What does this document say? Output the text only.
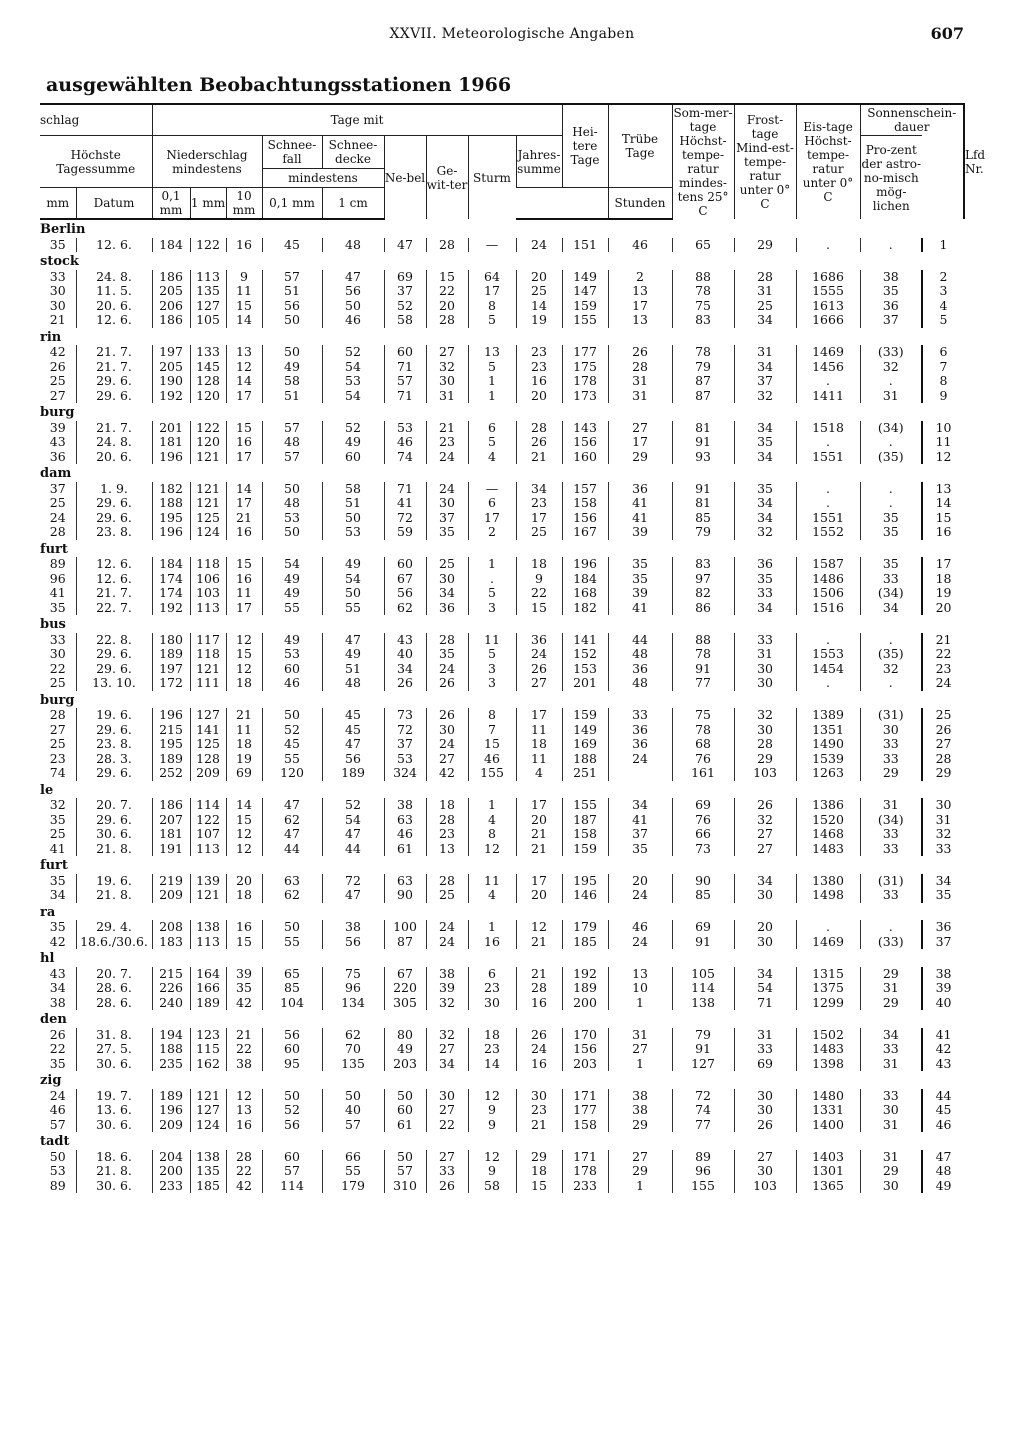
XXVII. Meteorologische Angaben	607
ausgewählten Beobachtungsstationen 1966
schlag		Tage mit									Hei-tere Tage	Trübe Tage	Som-mer-tage Höchst-tempe-ratur mindes-tens 25° C	Frost-tage Mind-est-tempe-ratur unter 0° C	Eis-tage Höchst-tempe-ratur unter 0° C	Sonnenschein-dauer		Lfd Nr.
Höchste Tagessumme		Niederschlag mindestens			Schnee-fall	Schnee-decke	Ne-bel	Ge-wit-ter	Sturm	Jahres-summe						Pro-zent der astro-no-misch mög-lichen		
					mindestens													

mm	Datum	0,1 mm	1 mm	10 mm	0,1 mm	1 cm						Stunden						
Berlin																		
35	12. 6.	184	122	16	45	48	47	28	—	24	151	46	65	29	.	.	1	
stock																		
33	24. 8.	186	113	9	57	47	69	15	64	20	149	2	88	28	1686	38	2	
30	11. 5.	205	135	11	51	56	37	22	17	25	147	13	78	31	1555	35	3	
30	20. 6.	206	127	15	56	50	52	20	8	14	159	17	75	25	1613	36	4	
21	12. 6.	186	105	14	50	46	58	28	5	19	155	13	83	34	1666	37	5	
rin																		
42	21. 7.	197	133	13	50	52	60	27	13	23	177	26	78	31	1469	(33)	6	
26	21. 7.	205	145	12	49	54	71	32	5	23	175	28	79	34	1456	32	7	
25	29. 6.	190	128	14	58	53	57	30	1	16	178	31	87	37	.	.	8	
27	29. 6.	192	120	17	51	54	71	31	1	20	173	31	87	32	1411	31	9	
burg																		
39	21. 7.	201	122	15	57	52	53	21	6	28	143	27	81	34	1518	(34)	10	
43	24. 8.	181	120	16	48	49	46	23	5	26	156	17	91	35	.	.	11	
36	20. 6.	196	121	17	57	60	74	24	4	21	160	29	93	34	1551	(35)	12	
dam																		
37	1. 9.	182	121	14	50	58	71	24	—	34	157	36	91	35	.	.	13	
25	29. 6.	188	121	17	48	51	41	30	6	23	158	41	81	34	.	.	14	
24	29. 6.	195	125	21	53	50	72	37	17	17	156	41	85	34	1551	35	15	
28	23. 8.	196	124	16	50	53	59	35	2	25	167	39	79	32	1552	35	16	
furt																		
89	12. 6.	184	118	15	54	49	60	25	1	18	196	35	83	36	1587	35	17	
96	12. 6.	174	106	16	49	54	67	30	.	9	184	35	97	35	1486	33	18	
41	21. 7.	174	103	11	49	50	56	34	5	22	168	39	82	33	1506	(34)	19	
35	22. 7.	192	113	17	55	55	62	36	3	15	182	41	86	34	1516	34	20	
bus																		
33	22. 8.	180	117	12	49	47	43	28	11	36	141	44	88	33	.	.	21	
30	29. 6.	189	118	15	53	49	40	35	5	24	152	48	78	31	1553	(35)	22	
22	29. 6.	197	121	12	60	51	34	24	3	26	153	36	91	30	1454	32	23	
25	13. 10.	172	111	18	46	48	26	26	3	27	201	48	77	30	.	.	24	
burg																		
28	19. 6.	196	127	21	50	45	73	26	8	17	159	33	75	32	1389	(31)	25	
27	29. 6.	215	141	11	52	45	72	30	7	11	149	36	78	30	1351	30	26	
25	23. 8.	195	125	18	45	47	37	24	15	18	169	36	68	28	1490	33	27	
23	28. 3.	189	128	19	55	56	53	27	46	11	188	24	76	29	1539	33	28	
74	29. 6.	252	209	69	120	189	324	42	155	4	251		161	103	1263	29	29	
le																		
32	20. 7.	186	114	14	47	52	38	18	1	17	155	34	69	26	1386	31	30	
35	29. 6.	207	122	15	62	54	63	28	4	20	187	41	76	32	1520	(34)	31	
25	30. 6.	181	107	12	47	47	46	23	8	21	158	37	66	27	1468	33	32	
41	21. 8.	191	113	12	44	44	61	13	12	21	159	35	73	27	1483	33	33	
furt																		
35	19. 6.	219	139	20	63	72	63	28	11	17	195	20	90	34	1380	(31)	34	
34	21. 8.	209	121	18	62	47	90	25	4	20	146	24	85	30	1498	33	35	
ra																		
35	29. 4.	208	138	16	50	38	100	24	1	12	179	46	69	20	.	.	36	
42	18.6./30.6.	183	113	15	55	56	87	24	16	21	185	24	91	30	1469	(33)	37	
hl																		
43	20. 7.	215	164	39	65	75	67	38	6	21	192	13	105	34	1315	29	38	
34	28. 6.	226	166	35	85	96	220	39	23	28	189	10	114	54	1375	31	39	
38	28. 6.	240	189	42	104	134	305	32	30	16	200	1	138	71	1299	29	40	
den																		
26	31. 8.	194	123	21	56	62	80	32	18	26	170	31	79	31	1502	34	41	
22	27. 5.	188	115	22	60	70	49	27	23	24	156	27	91	33	1483	33	42	
35	30. 6.	235	162	38	95	135	203	34	14	16	203	1	127	69	1398	31	43	
zig																		
24	19. 7.	189	121	12	50	50	50	30	12	30	171	38	72	30	1480	33	44	
46	13. 6.	196	127	13	52	40	60	27	9	23	177	38	74	30	1331	30	45	
57	30. 6.	209	124	16	56	57	61	22	9	21	158	29	77	26	1400	31	46	
tadt																		
50	18. 6.	204	138	28	60	66	50	27	12	29	171	27	89	27	1403	31	47	
53	21. 8.	200	135	22	57	55	57	33	9	18	178	29	96	30	1301	29	48	
89	30. 6.	233	185	42	114	179	310	26	58	15	233	1	155	103	1365	30	49	
